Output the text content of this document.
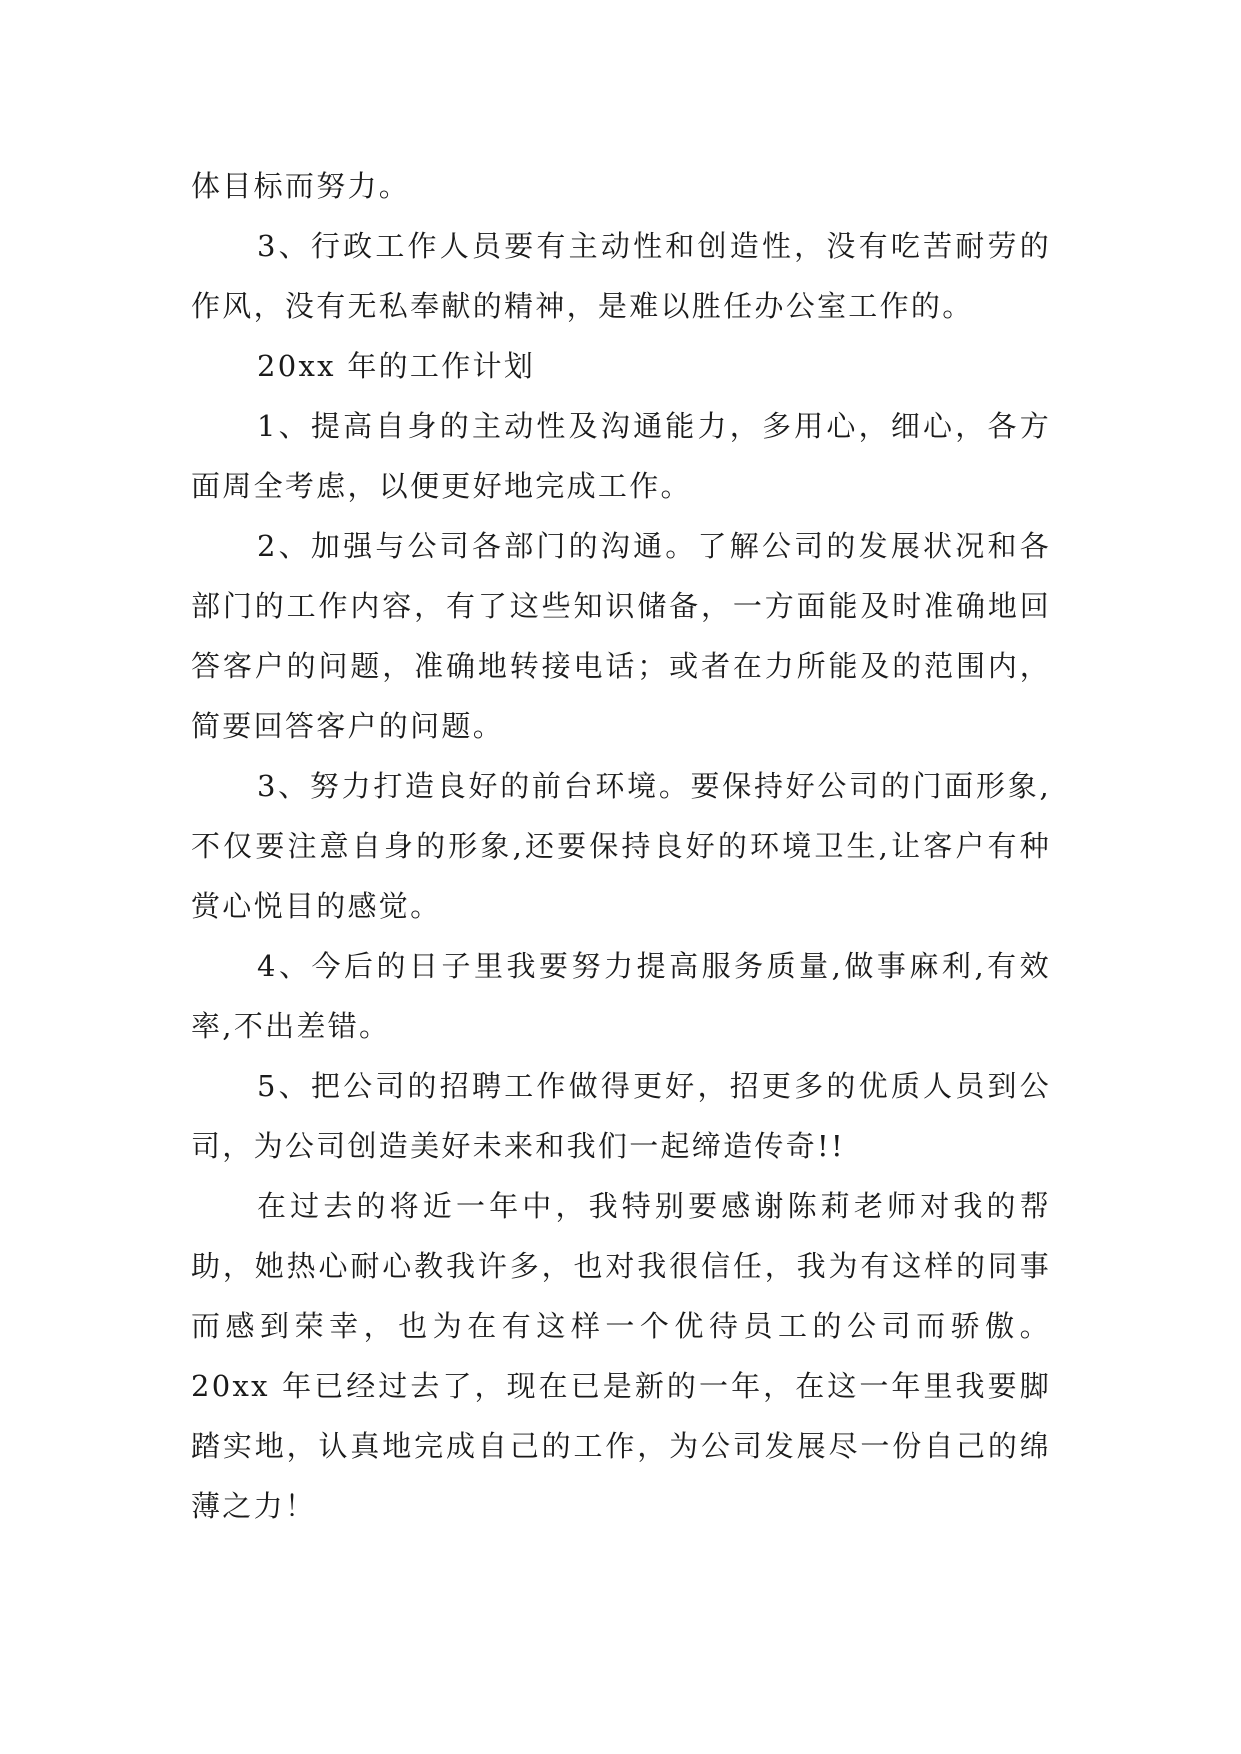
体目标而努力。

3、行政工作人员要有主动性和创造性，没有吃苦耐劳的作风，没有无私奉献的精神，是难以胜任办公室工作的。

20xx 年的工作计划

1、提高自身的主动性及沟通能力，多用心，细心，各方面周全考虑，以便更好地完成工作。

2、加强与公司各部门的沟通。了解公司的发展状况和各部门的工作内容，有了这些知识储备，一方面能及时准确地回答客户的问题，准确地转接电话；或者在力所能及的范围内，简要回答客户的问题。

3、努力打造良好的前台环境。要保持好公司的门面形象,不仅要注意自身的形象,还要保持良好的环境卫生,让客户有种赏心悦目的感觉。

4、今后的日子里我要努力提高服务质量,做事麻利,有效率,不出差错。

5、把公司的招聘工作做得更好，招更多的优质人员到公司，为公司创造美好未来和我们一起缔造传奇!!

在过去的将近一年中，我特别要感谢陈莉老师对我的帮助，她热心耐心教我许多，也对我很信任，我为有这样的同事而感到荣幸，也为在有这样一个优待员工的公司而骄傲。20xx 年已经过去了，现在已是新的一年，在这一年里我要脚踏实地，认真地完成自己的工作，为公司发展尽一份自己的绵薄之力！
